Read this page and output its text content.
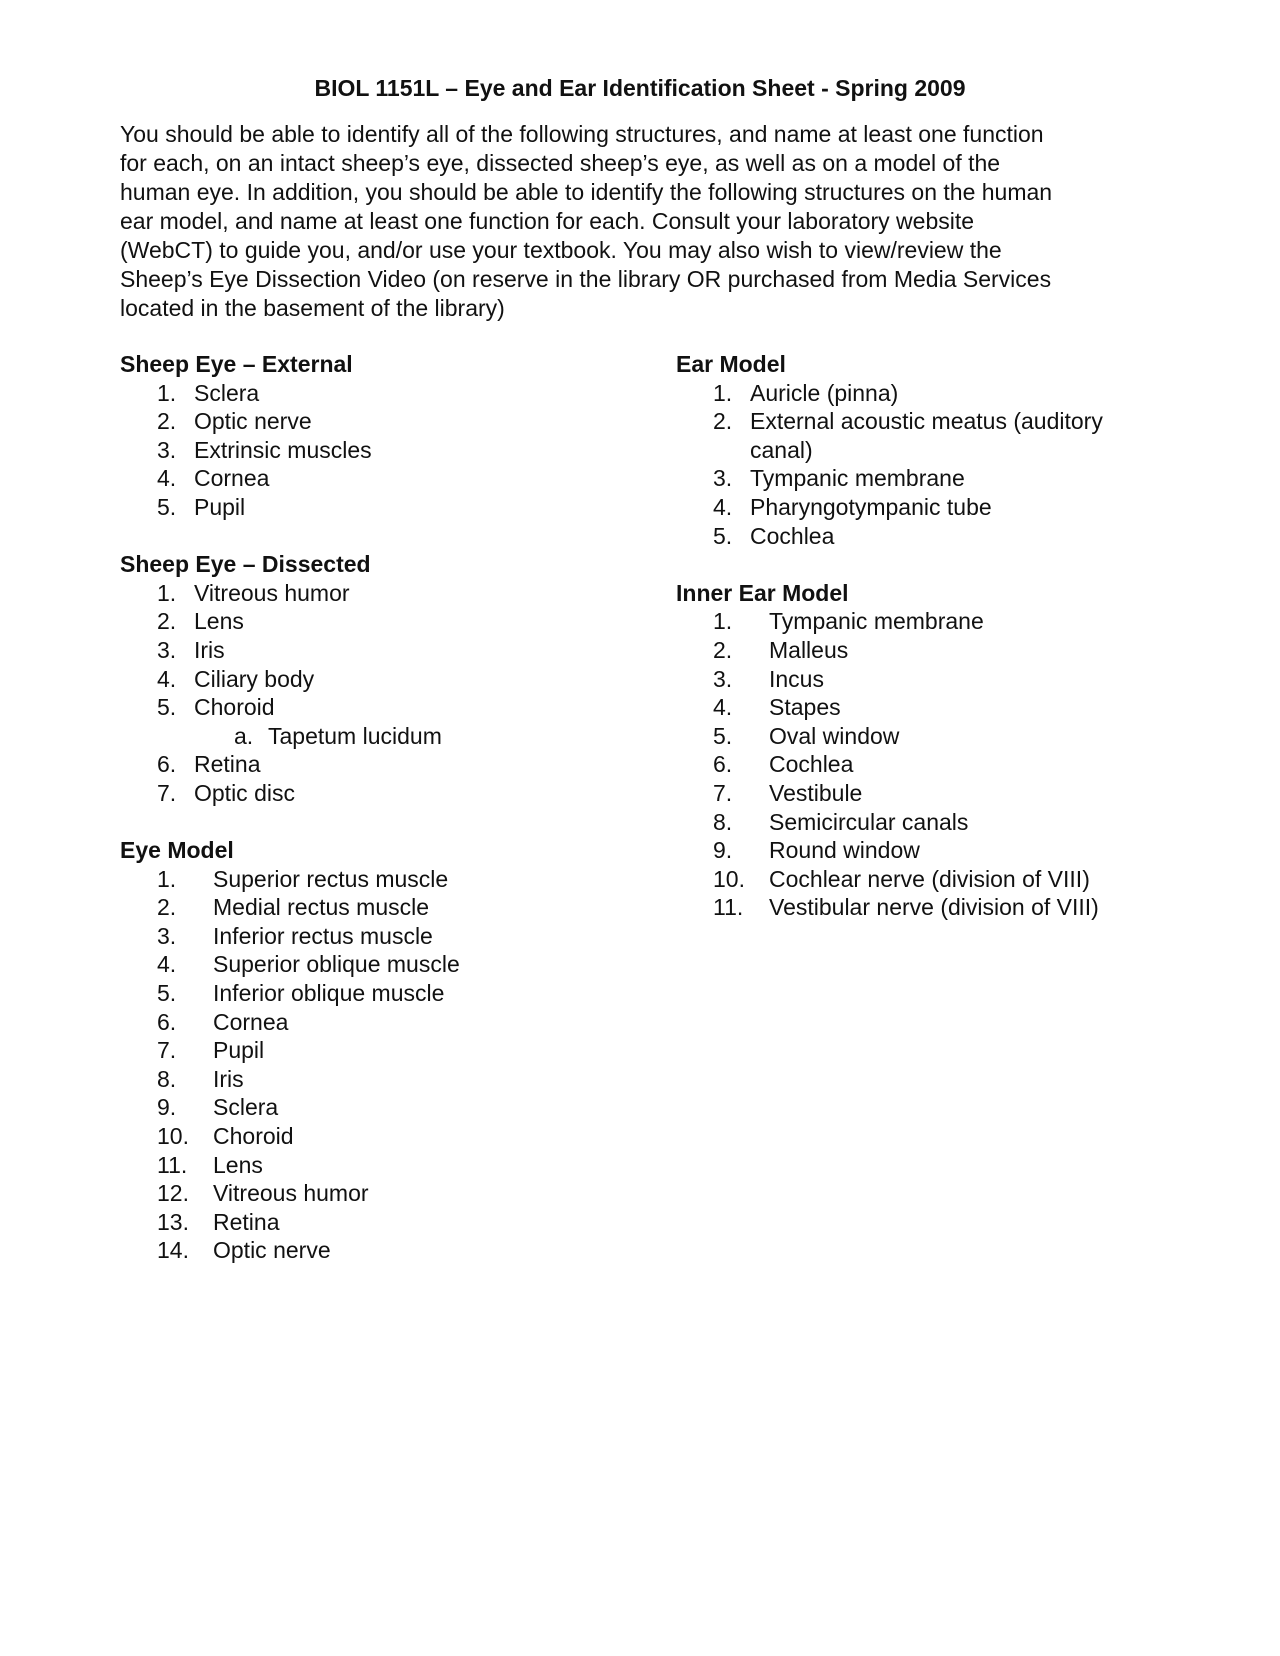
BIOL 1151L – Eye and Ear Identification Sheet - Spring 2009
You should be able to identify all of the following structures, and name at least one function
for each, on an intact sheep’s eye, dissected sheep’s eye, as well as on a model of the
human eye. In addition, you should be able to identify the following structures on the human
ear model, and name at least one function for each. Consult your laboratory website
(WebCT) to guide you, and/or use your textbook. You may also wish to view/review the
Sheep’s Eye Dissection Video (on reserve in the library OR purchased from Media Services
located in the basement of the library)
Sheep Eye – External
1. Sclera
2. Optic nerve
3. Extrinsic muscles
4. Cornea
5. Pupil
Sheep Eye – Dissected
1. Vitreous humor
2. Lens
3. Iris
4. Ciliary body
5. Choroid
a. Tapetum lucidum
6. Retina
7. Optic disc
Eye Model
1.	Superior rectus muscle
2.	Medial rectus muscle
3.	Inferior rectus muscle
4.	Superior oblique muscle
5.	Inferior oblique muscle
6.	Cornea
7.	Pupil
8.	Iris
9.	Sclera
10.	Choroid
11.	Lens
12.	Vitreous humor
13.	Retina
14.	Optic nerve
Ear Model
1. Auricle (pinna)
2. External acoustic meatus (auditory canal)
3. Tympanic membrane
4. Pharyngotympanic tube
5. Cochlea
Inner Ear Model
1.	Tympanic membrane
2.	Malleus
3.	Incus
4.	Stapes
5.	Oval window
6.	Cochlea
7.	Vestibule
8.	Semicircular canals
9.	Round window
10.	Cochlear nerve (division of VIII)
11.	Vestibular nerve (division of VIII)
